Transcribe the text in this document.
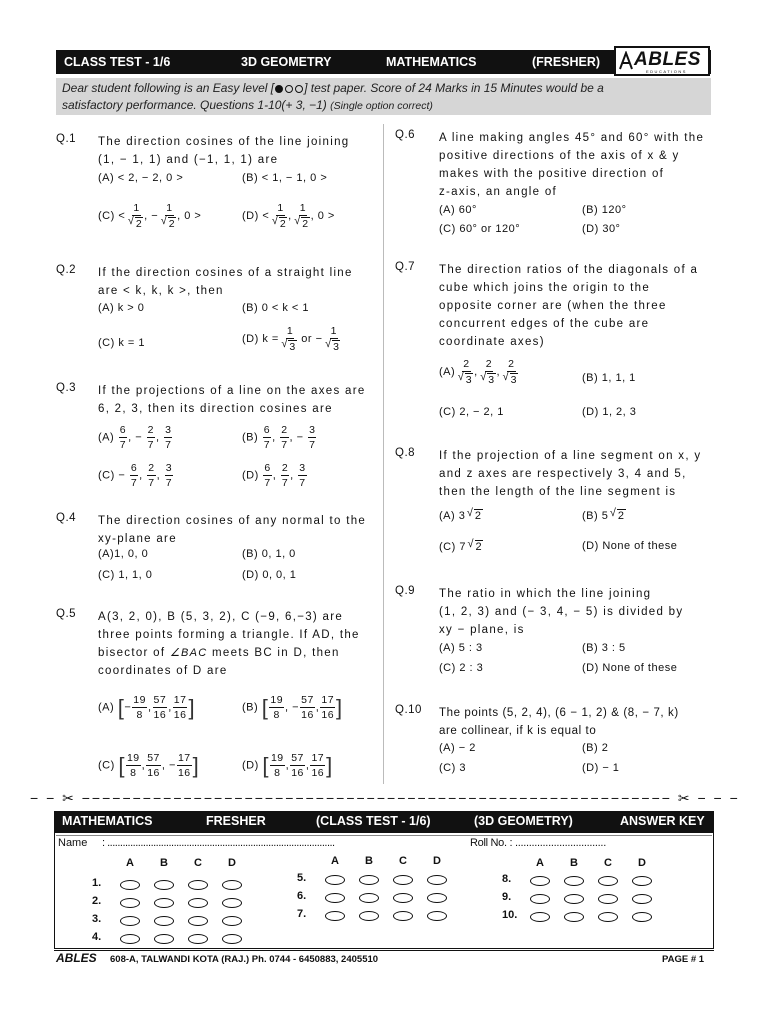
CLASS TEST - 1/6	3D GEOMETRY	MATHEMATICS	(FRESHER) ABLES
EDUCATIONS
Dear student following is an Easy level [	] test paper. Score of 24 Marks in 15 Minutes would be a
satisfactory performance. Questions 1-10(+ 3, −1) (Single option correct)
Q.1 The direction cosines of the line joining
(1, − 1, 1) and (−1, 1, 1) are
(A) < 2, − 2, 0 >	(B) < 1, − 1, 0 >
(C) < 1
√ 2 , − 1
√ 2 , 0 >	(D) < 1
√ 2 , 1
√ 2 , 0 >
Q.2 If the direction cosines of a straight line
are < k, k, k >, then
(A) k > 0	(B) 0 < k < 1
(C) k = 1	(D) k = 1
√ 3 or − 1
√ 3
Q.3 If the projections of a line on the axes are
6, 2, 3, then its direction cosines are
$(A) \frac{6}{7}$ , − $\frac{2}{7}$ , $\frac{3}{7}$	$(B) \frac{6}{7}$ , $\frac{2}{7}$ , − $\frac{3}{7}$
$(C) - \frac{6}{7}$ , $\frac{2}{7}$ , $\frac{3}{7}$	$(D) \frac{6}{7}$ , $\frac{2}{7}$ , $\frac{3}{7}$
Q.4 The direction cosines of any normal to the
xy-plane are
(A)1, 0, 0	(B) 0, 1, 0
(C) 1, 1, 0	(D) 0, 0, 1
Q.5 A(3, 2, 0), B (5, 3, 2), C (−9, 6,−3) are
three points forming a triangle. If AD, the
bisector of ∠BAC meets BC in D, then
coordinates of D are
(A) [− $\frac{19}{8}$ , $\frac{57}{16}$ , $\frac{17}{16}$ ]	(B) [ $\frac{19}{8}$ , − $\frac{57}{16}$ , $\frac{17}{16}$ ]
(C) [ $\frac{19}{8}$ , $\frac{57}{16}$ , − $\frac{17}{16}$ ]	(D) [ $\frac{19}{8}$ , $\frac{57}{16}$ , $\frac{17}{16}$ ]
Q.6 A line making angles 45° and 60° with the
positive directions of the axis of x & y
makes with the positive direction of
z-axis, an angle of
(A) 60°	(B) 120°
(C) 60° or 120°	(D) 30°
Q.7 The direction ratios of the diagonals of a
cube which joins the origin to the
opposite corner are (when the three
concurrent edges of the cube are
coordinate axes)
(A) 2
√ 3 , 2
√ 3 , 2
√ 3	(B) 1, 1, 1
(C) 2, − 2, 1	(D) 1, 2, 3
Q.8 If the projection of a line segment on x, y
and z axes are respectively 3, 4 and 5,
then the length of the line segment is
(A) 3 √ 2	(B) 5 √ 2
(C) 7 √ 2	(D) None of these
Q.9 The ratio in which the line joining
(1, 2, 3) and (− 3, 4, − 5) is divided by
xy − plane, is
(A) 5 : 3	(B) 3 : 5
(C) 2 : 3	(D) None of these
Q.10 The points (5, 2, 4), (6 − 1, 2) & (8, − 7, k)
are collinear, if k is equal to
(A) − 2	(B) 2
(C) 3	(D) − 1
− − ✂ −−−−−−−−−−−−−−−−−−−−−−−−−−−−−−−−−−−−−−−−−−−−−−−−−−−−−−−−−− ✂ − − −
MATHEMATICS	FRESHER	(CLASS TEST - 1/6)	(3D GEOMETRY)	ANSWER KEY
Name : .........................................................................................	Roll No. : .................................
A B C D
1.
2.
3.
4.
A B C D
5.
6.
7.
A B C D
8.
9.
10.
ABLES 608-A, TALWANDI KOTA (RAJ.) Ph. 0744 - 6450883, 2405510	PAGE # 1
